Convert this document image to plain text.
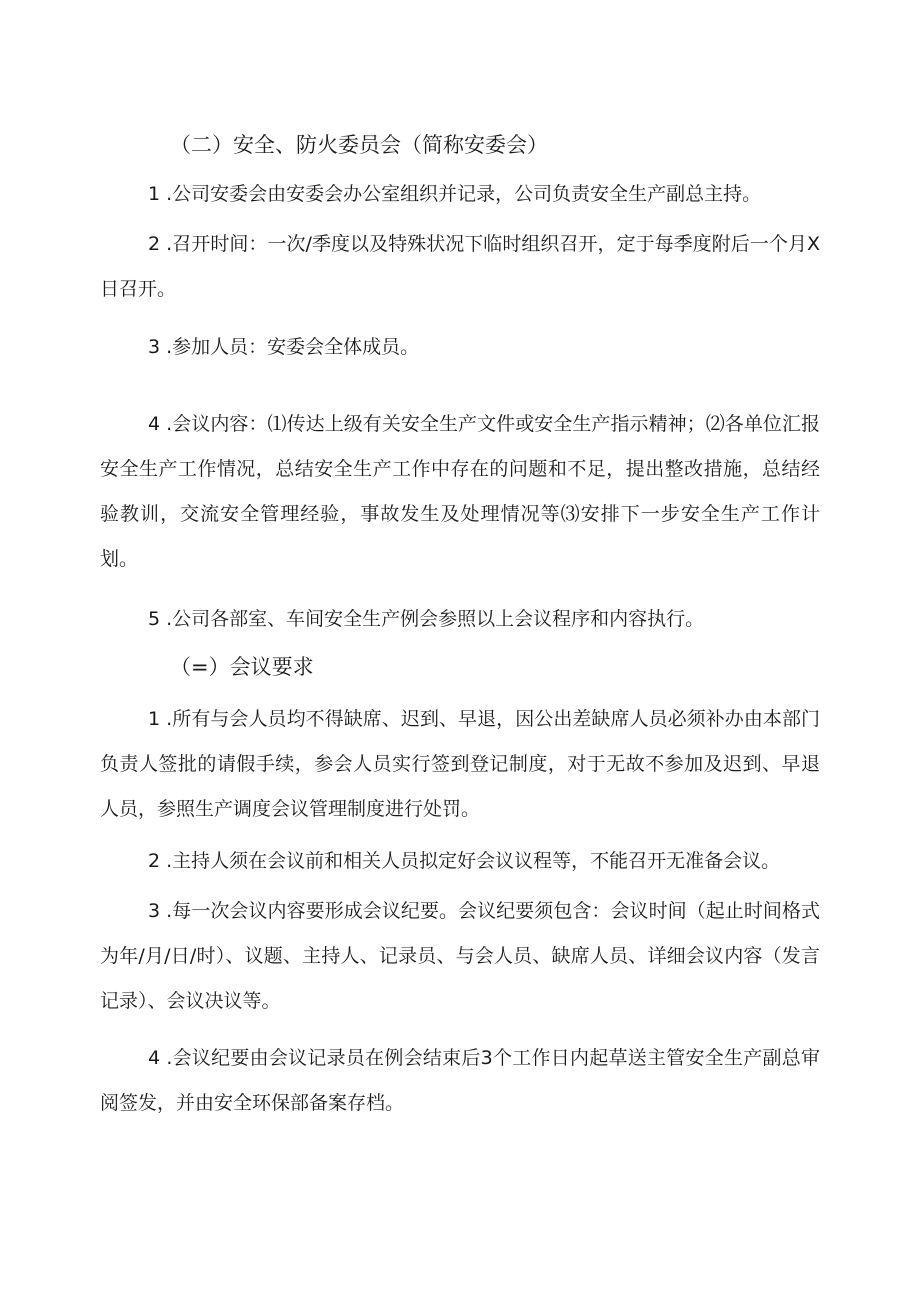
（二）安全、防火委员会（简称安委会）

1 .公司安委会由安委会办公室组织并记录，公司负责安全生产副总主持。

2 .召开时间：一次/季度以及特殊状况下临时组织召开，定于每季度附后一个月X日召开。

3 .参加人员：安委会全体成员。

4 .会议内容：⑴传达上级有关安全生产文件或安全生产指示精神；⑵各单位汇报安全生产工作情况，总结安全生产工作中存在的问题和不足，提出整改措施，总结经验教训，交流安全管理经验，事故发生及处理情况等⑶安排下一步安全生产工作计划。

5 .公司各部室、车间安全生产例会参照以上会议程序和内容执行。

（=）会议要求

1 .所有与会人员均不得缺席、迟到、早退，因公出差缺席人员必须补办由本部门负责人签批的请假手续，参会人员实行签到登记制度，对于无故不参加及迟到、早退人员，参照生产调度会议管理制度进行处罚。

2 .主持人须在会议前和相关人员拟定好会议议程等，不能召开无准备会议。

3 .每一次会议内容要形成会议纪要。会议纪要须包含：会议时间（起止时间格式为年/月/日/时）、议题、主持人、记录员、与会人员、缺席人员、详细会议内容（发言记录）、会议决议等。

4 .会议纪要由会议记录员在例会结束后3个工作日内起草送主管安全生产副总审阅签发，并由安全环保部备案存档。
